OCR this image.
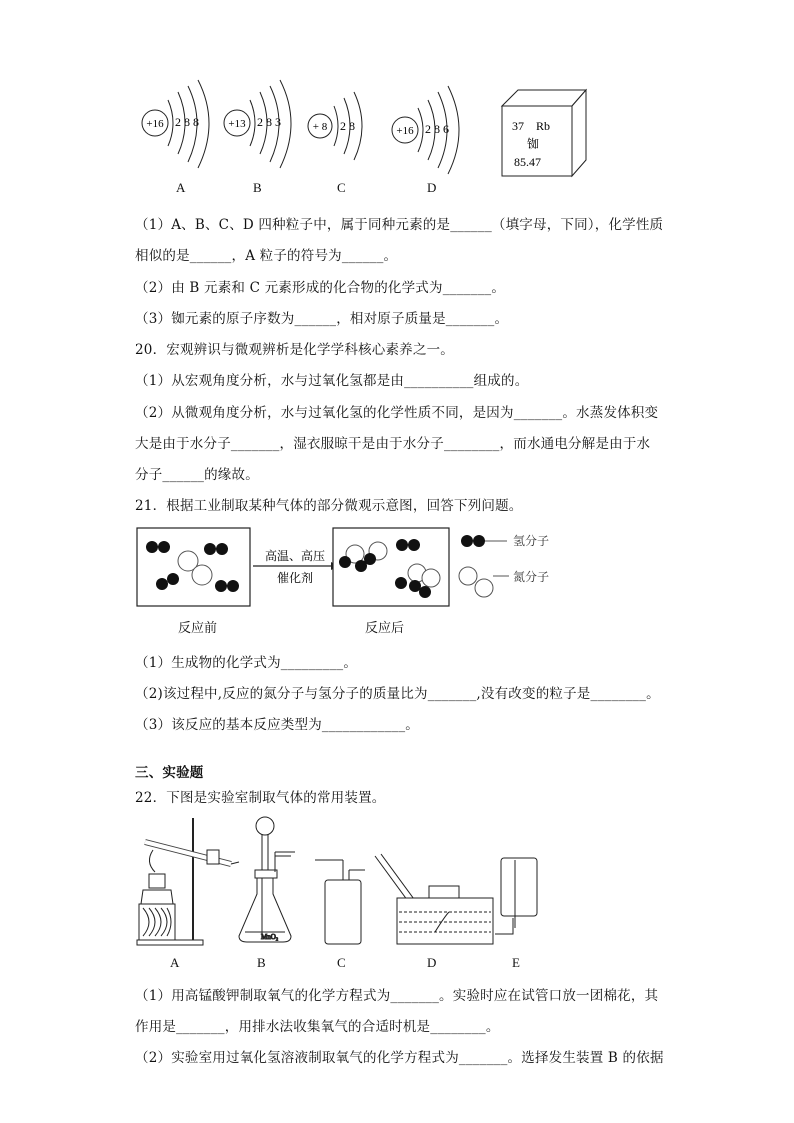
+16 2 8 8	+13 2 8 3	+ 8 2 8	+16 2 8 6	37 Rb
铷
85.47
A	B	C	D
（1）A、B、C、D 四种粒子中，属于同种元素的是______（填字母，下同），化学性质
相似的是______，A 粒子的符号为______。
（2）由 B 元素和 C 元素形成的化合物的化学式为_______。
（3）铷元素的原子序数为______，相对原子质量是_______。
20．宏观辨识与微观辨析是化学学科核心素养之一。
（1）从宏观角度分析，水与过氧化氢都是由__________组成的。
（2）从微观角度分析，水与过氧化氢的化学性质不同，是因为_______。水蒸发体积变
大是由于水分子_______，湿衣服晾干是由于水分子________，而水通电分解是由于水
分子______的缘故。
21．根据工业制取某种气体的部分微观示意图，回答下列问题。
高温、高压
催化剂
氢分子
氮分子
反应前	反应后
（1）生成物的化学式为_________。
（2)该过程中,反应的氮分子与氢分子的质量比为_______,没有改变的粒子是________。
（3）该反应的基本反应类型为____________。
三、实验题
22．下图是实验室制取气体的常用装置。
MnO₂
A	B	C	D	E
（1）用高锰酸钾制取氧气的化学方程式为_______。实验时应在试管口放一团棉花，其
作用是_______，用排水法收集氧气的合适时机是________。
（2）实验室用过氧化氢溶液制取氧气的化学方程式为_______。选择发生装置 B 的依据
